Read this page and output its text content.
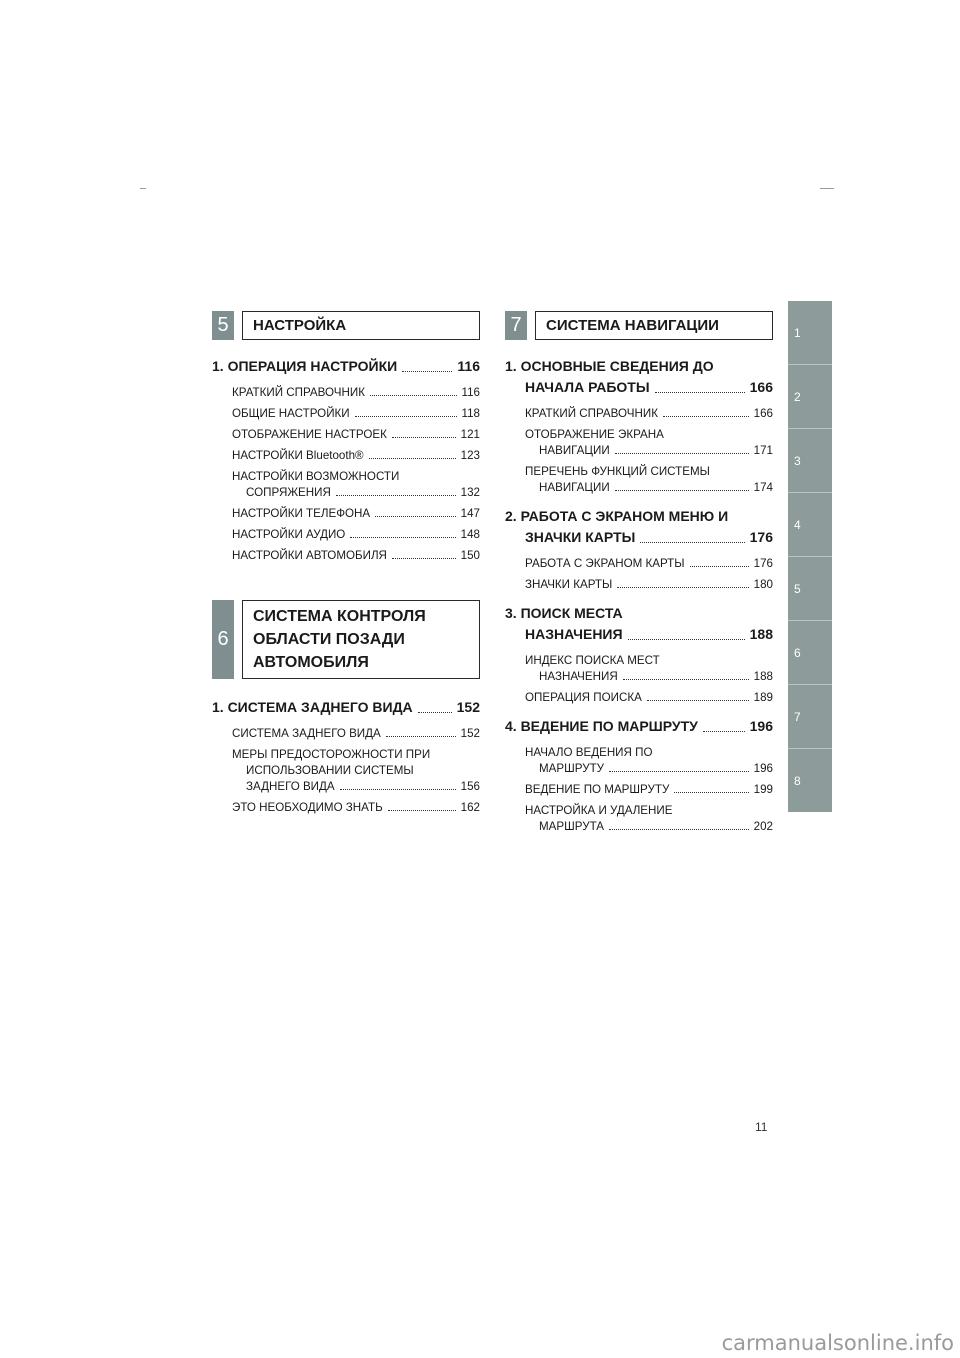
5	НАСТРОЙКА
1. ОПЕРАЦИЯ НАСТРОЙКИ	116
КРАТКИЙ СПРАВОЧНИК	116
ОБЩИЕ НАСТРОЙКИ	118
ОТОБРАЖЕНИЕ НАСТРОЕК	121
НАСТРОЙКИ Bluetooth®	123
НАСТРОЙКИ ВОЗМОЖНОСТИ
СОПРЯЖЕНИЯ	132
НАСТРОЙКИ ТЕЛЕФОНА	147
НАСТРОЙКИ АУДИО	148
НАСТРОЙКИ АВТОМОБИЛЯ	150
6
СИСТЕМА КОНТРОЛЯ
ОБЛАСТИ ПОЗАДИ
АВТОМОБИЛЯ
1. СИСТЕМА ЗАДНЕГО ВИДА	152
СИСТЕМА ЗАДНЕГО ВИДА	152
МЕРЫ ПРЕДОСТОРОЖНОСТИ ПРИ
ИСПОЛЬЗОВАНИИ СИСТЕМЫ
ЗАДНЕГО ВИДА	156
ЭТО НЕОБХОДИМО ЗНАТЬ	162
7	СИСТЕМА НАВИГАЦИИ
1. ОСНОВНЫЕ СВЕДЕНИЯ ДО
НАЧАЛА РАБОТЫ	166
КРАТКИЙ СПРАВОЧНИК	166
ОТОБРАЖЕНИЕ ЭКРАНА
НАВИГАЦИИ	171
ПЕРЕЧЕНЬ ФУНКЦИЙ СИСТЕМЫ
НАВИГАЦИИ	174
2. РАБОТА С ЭКРАНОМ МЕНЮ И
ЗНАЧКИ КАРТЫ	176
РАБОТА С ЭКРАНОМ КАРТЫ	176
ЗНАЧКИ КАРТЫ	180
3. ПОИСК МЕСТА
НАЗНАЧЕНИЯ	188
ИНДЕКС ПОИСКА МЕСТ
НАЗНАЧЕНИЯ	188
ОПЕРАЦИЯ ПОИСКА	189
4. ВЕДЕНИЕ ПО МАРШРУТУ	196
НАЧАЛО ВЕДЕНИЯ ПО
МАРШРУТУ	196
ВЕДЕНИЕ ПО МАРШРУТУ	199
НАСТРОЙКА И УДАЛЕНИЕ
МАРШРУТА	202
1
2
3
4
5
6
7
8
11
carmanualsonline.info
